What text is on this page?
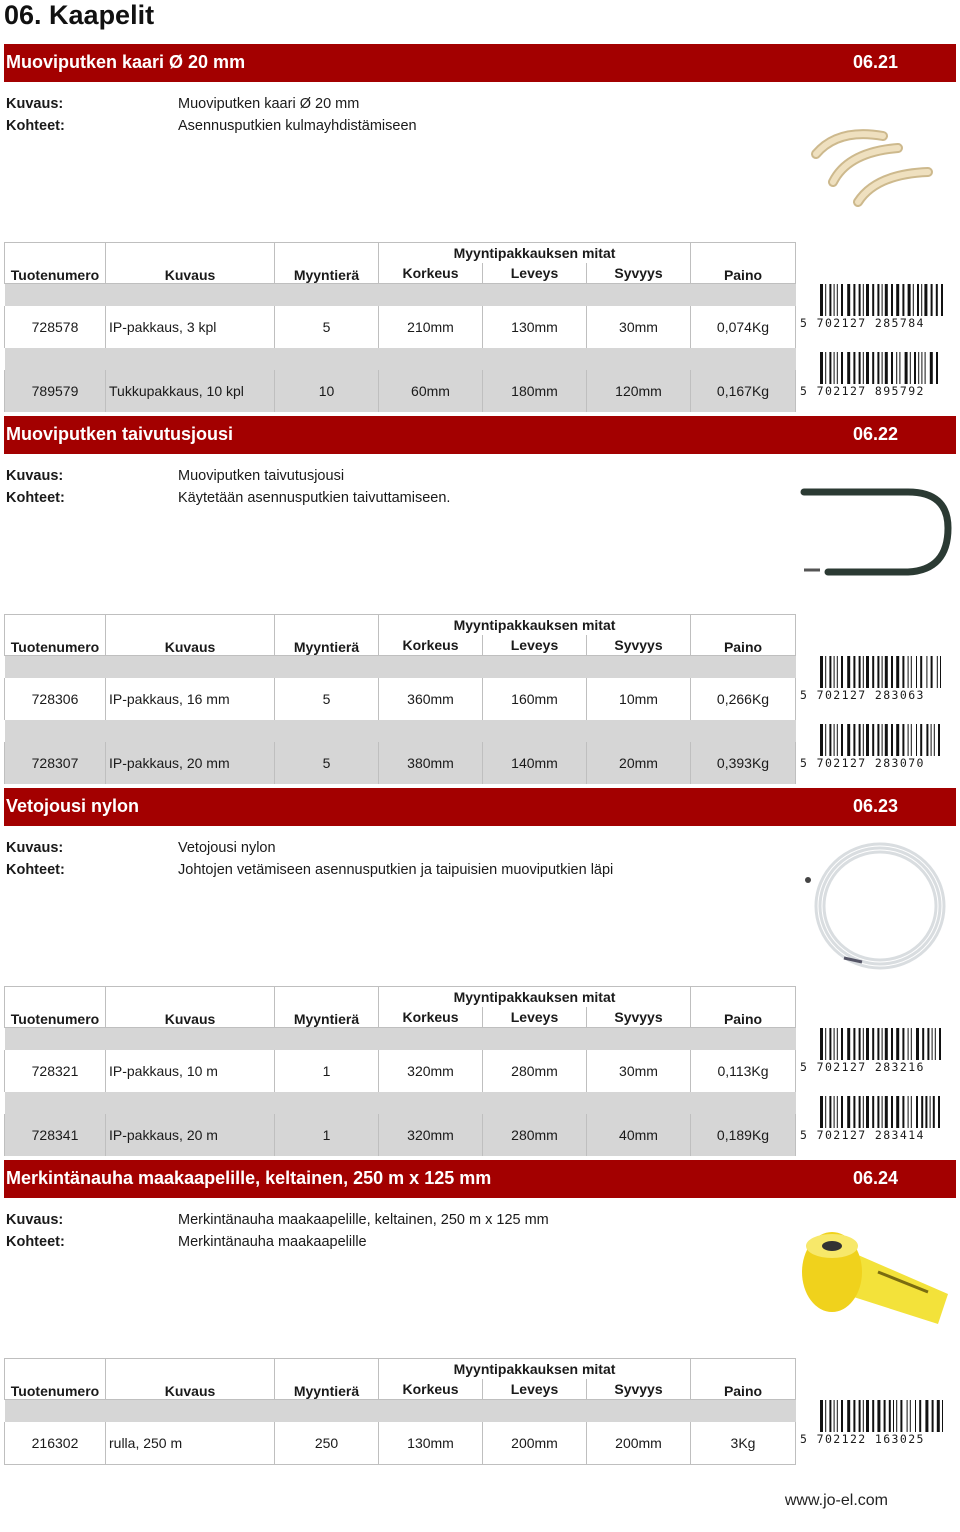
06. Kaapelit
Muoviputken kaari Ø 20 mm	06.21
Kuvaus:	Muoviputken kaari Ø 20 mm
Kohteet:	Asennusputkien kulmayhdistämiseen
Tuotenumero	Kuvaus	Myyntierä	Myyntipakkauksen mitat			Paino
			Korkeus	Leveys	Syvyys	

728578	IP-pakkaus, 3 kpl	5	210mm	130mm	30mm	0,074Kg

789579	Tukkupakkaus, 10 kpl	10	60mm	180mm	120mm	0,167Kg
5 702127 285784
5 702127 895792
Muoviputken taivutusjousi	06.22
Kuvaus:	Muoviputken taivutusjousi
Kohteet:	Käytetään asennusputkien taivuttamiseen.
Tuotenumero	Kuvaus	Myyntierä	Myyntipakkauksen mitat			Paino
			Korkeus	Leveys	Syvyys	

728306	IP-pakkaus, 16 mm	5	360mm	160mm	10mm	0,266Kg

728307	IP-pakkaus, 20 mm	5	380mm	140mm	20mm	0,393Kg
5 702127 283063
5 702127 283070
Vetojousi nylon	06.23
Kuvaus:	Vetojousi nylon
Kohteet:	Johtojen vetämiseen asennusputkien ja taipuisien muoviputkien läpi
Tuotenumero	Kuvaus	Myyntierä	Myyntipakkauksen mitat			Paino
			Korkeus	Leveys	Syvyys	

728321	IP-pakkaus, 10 m	1	320mm	280mm	30mm	0,113Kg

728341	IP-pakkaus, 20 m	1	320mm	280mm	40mm	0,189Kg
5 702127 283216
5 702127 283414
Merkintänauha maakaapelille, keltainen, 250 m x 125 mm	06.24
Kuvaus:	Merkintänauha maakaapelille, keltainen, 250 m x 125 mm
Kohteet:	Merkintänauha maakaapelille
Tuotenumero	Kuvaus	Myyntierä	Myyntipakkauksen mitat			Paino
			Korkeus	Leveys	Syvyys	

216302	rulla, 250 m	250	130mm	200mm	200mm	3Kg	5 702122 163025
www.jo-el.com
